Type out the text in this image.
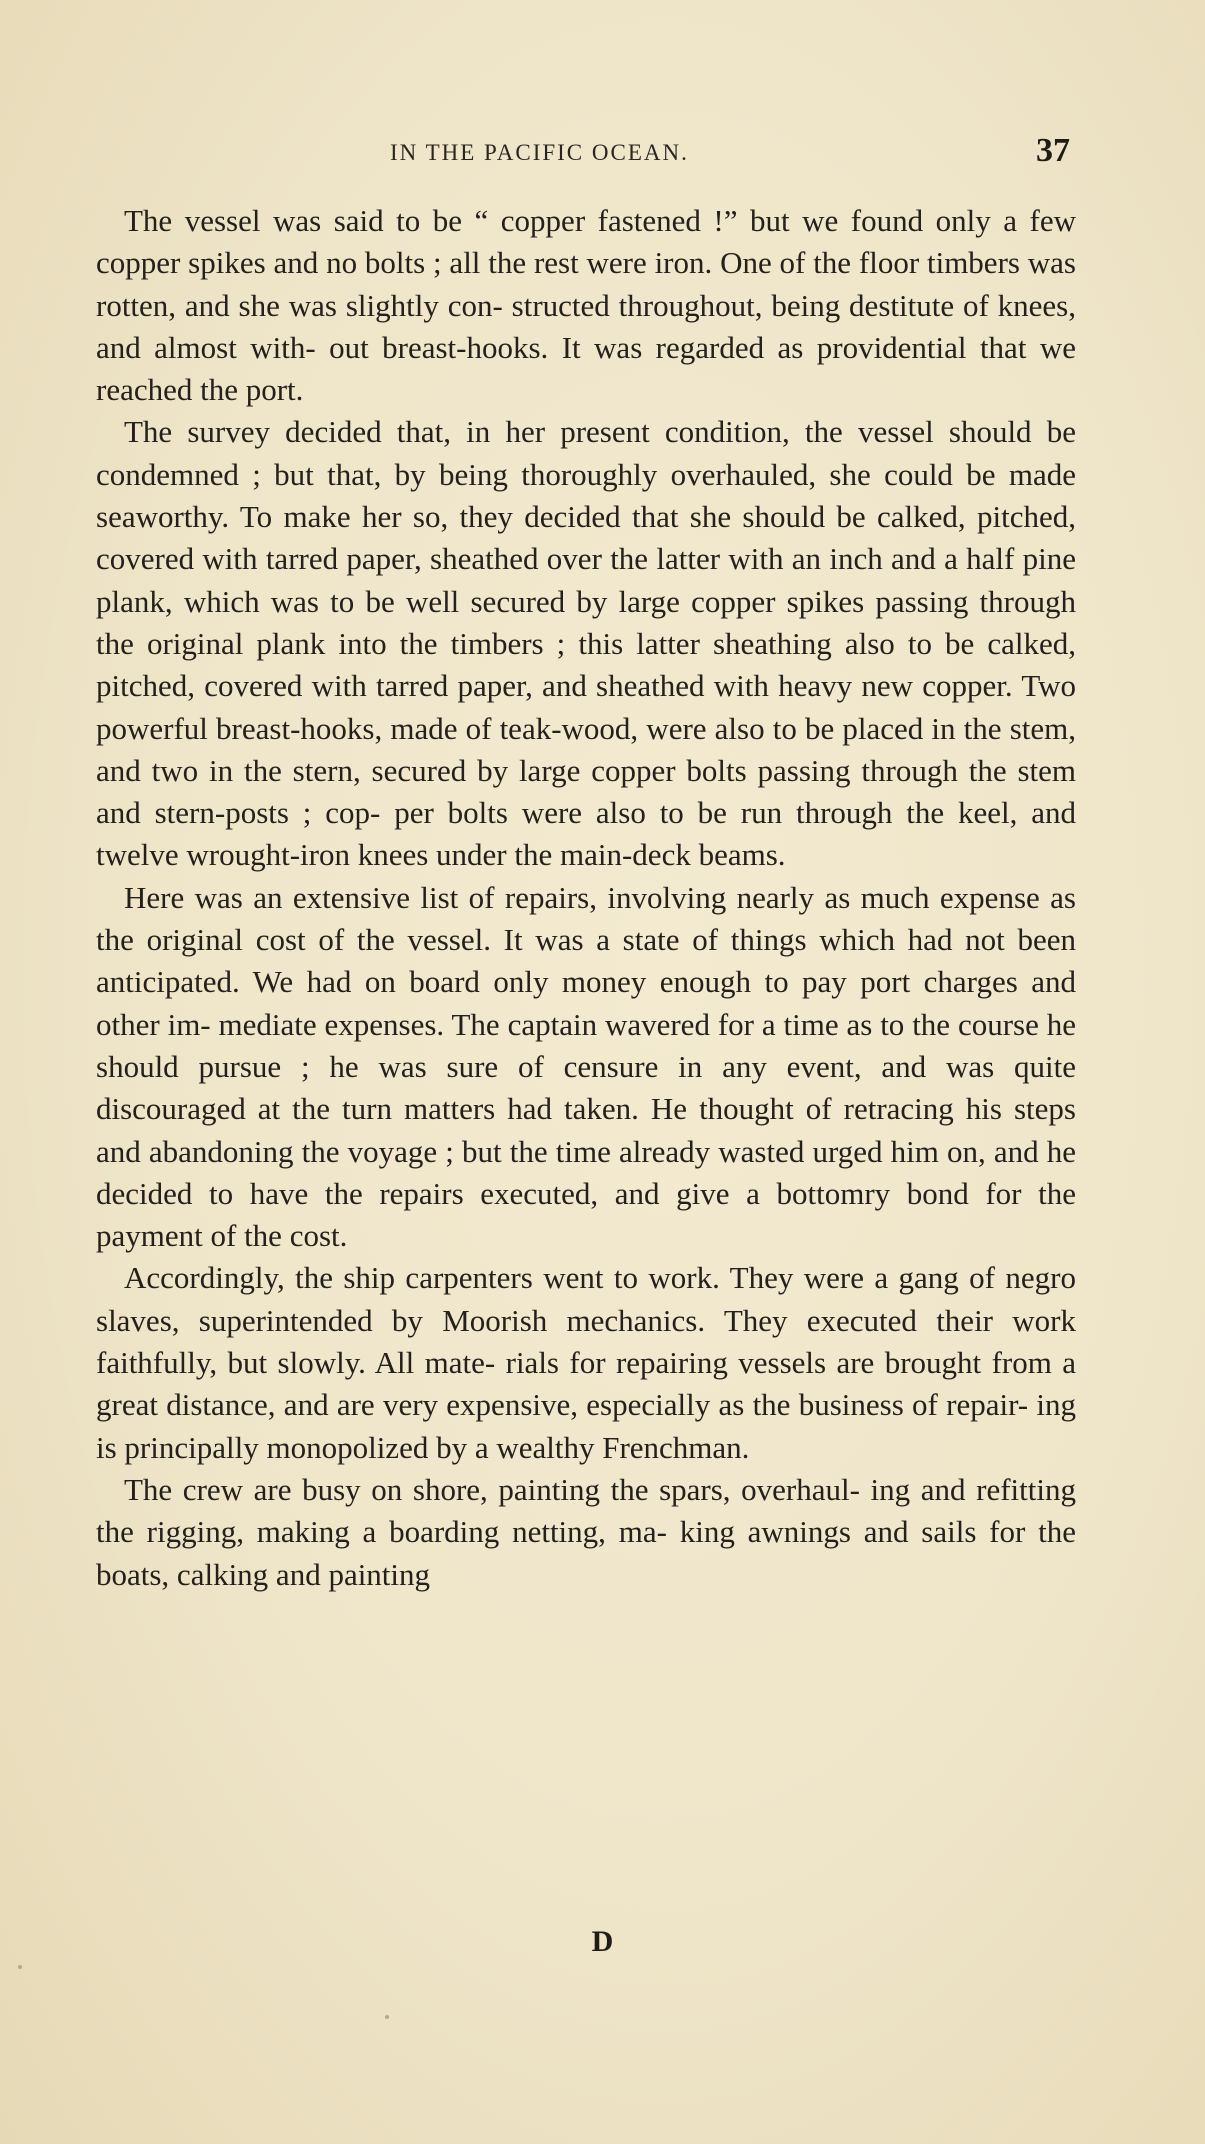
IN THE PACIFIC OCEAN.	37

The vessel was said to be “ copper fastened !” but we found only a few copper spikes and no bolts ; all the rest were iron. One of the floor timbers was rotten, and she was slightly con- structed throughout, being destitute of knees, and almost with- out breast-hooks. It was regarded as providential that we reached the port.

The survey decided that, in her present condition, the vessel should be condemned ; but that, by being thoroughly overhauled, she could be made seaworthy. To make her so, they decided that she should be calked, pitched, covered with tarred paper, sheathed over the latter with an inch and a half pine plank, which was to be well secured by large copper spikes passing through the original plank into the timbers ; this latter sheathing also to be calked, pitched, covered with tarred paper, and sheathed with heavy new copper. Two powerful breast-hooks, made of teak-wood, were also to be placed in the stem, and two in the stern, secured by large copper bolts passing through the stem and stern-posts ; cop- per bolts were also to be run through the keel, and twelve wrought-iron knees under the main-deck beams.

Here was an extensive list of repairs, involving nearly as much expense as the original cost of the vessel. It was a state of things which had not been anticipated. We had on board only money enough to pay port charges and other im- mediate expenses. The captain wavered for a time as to the course he should pursue ; he was sure of censure in any event, and was quite discouraged at the turn matters had taken. He thought of retracing his steps and abandoning the voyage ; but the time already wasted urged him on, and he decided to have the repairs executed, and give a bottomry bond for the payment of the cost.

Accordingly, the ship carpenters went to work. They were a gang of negro slaves, superintended by Moorish mechanics. They executed their work faithfully, but slowly. All mate- rials for repairing vessels are brought from a great distance, and are very expensive, especially as the business of repair- ing is principally monopolized by a wealthy Frenchman.

The crew are busy on shore, painting the spars, overhaul- ing and refitting the rigging, making a boarding netting, ma- king awnings and sails for the boats, calking and painting

D
